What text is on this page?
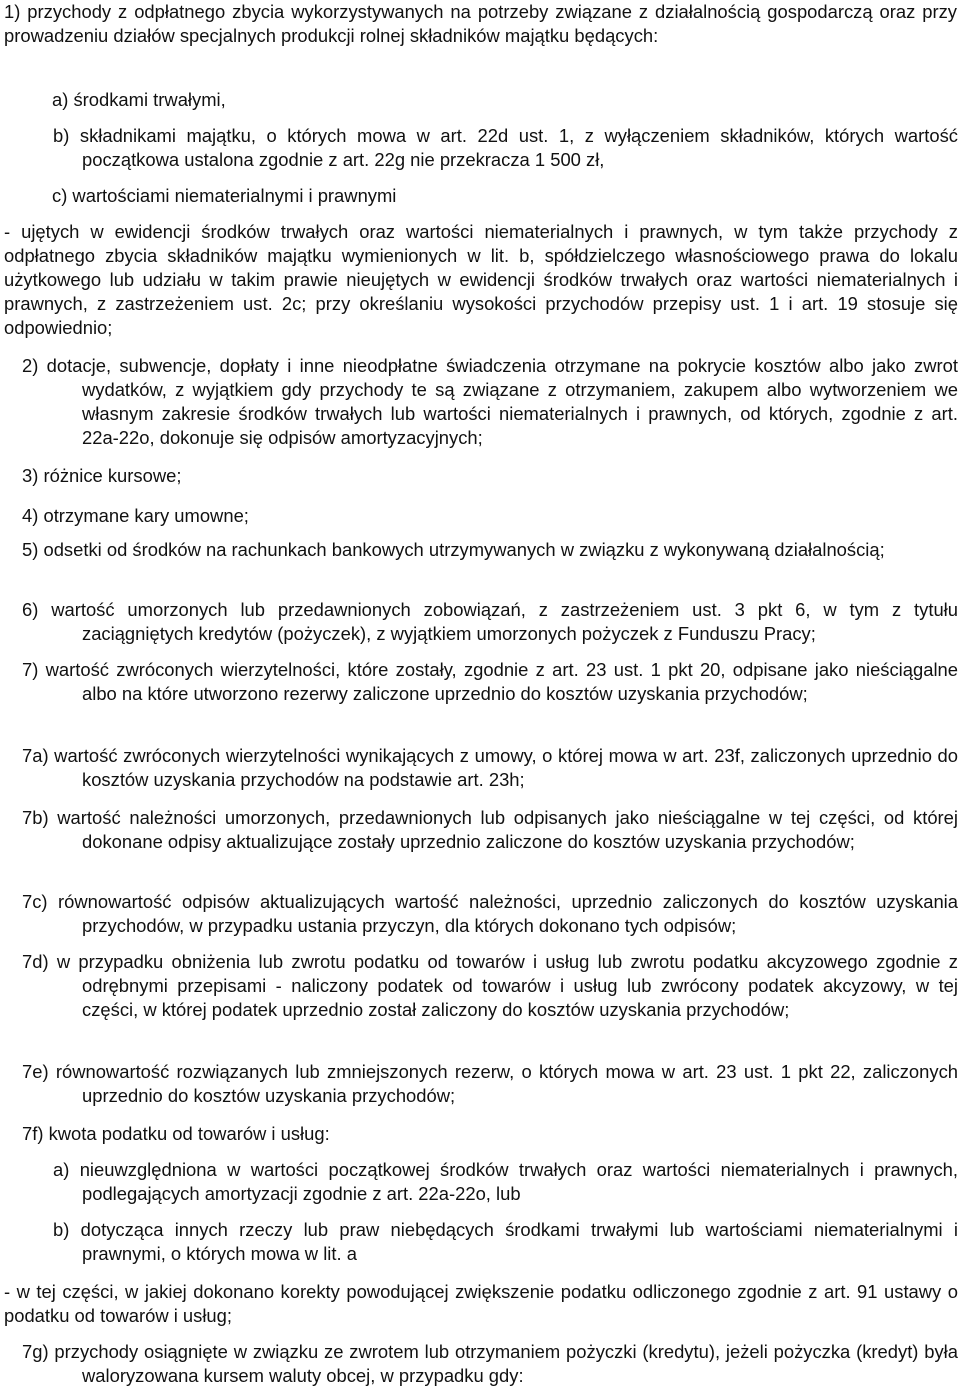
1) przychody z odpłatnego zbycia wykorzystywanych na potrzeby związane z działalnością gospodarczą oraz przy prowadzeniu działów specjalnych produkcji rolnej składników majątku będących:

a) środkami trwałymi,

b) składnikami majątku, o których mowa w art. 22d ust. 1, z wyłączeniem składników, których wartość początkowa ustalona zgodnie z art. 22g nie przekracza 1 500 zł,

c) wartościami niematerialnymi i prawnymi

- ujętych w ewidencji środków trwałych oraz wartości niematerialnych i prawnych, w tym także przychody z odpłatnego zbycia składników majątku wymienionych w lit. b, spółdzielczego własnościowego prawa do lokalu użytkowego lub udziału w takim prawie nieujętych w ewidencji środków trwałych oraz wartości niematerialnych i prawnych, z zastrzeżeniem ust. 2c; przy określaniu wysokości przychodów przepisy ust. 1 i art. 19 stosuje się odpowiednio;

2) dotacje, subwencje, dopłaty i inne nieodpłatne świadczenia otrzymane na pokrycie kosztów albo jako zwrot wydatków, z wyjątkiem gdy przychody te są związane z otrzymaniem, zakupem albo wytworzeniem we własnym zakresie środków trwałych lub wartości niematerialnych i prawnych, od których, zgodnie z art. 22a-22o, dokonuje się odpisów amortyzacyjnych;

3) różnice kursowe;

4) otrzymane kary umowne;

5) odsetki od środków na rachunkach bankowych utrzymywanych w związku z wykonywaną działalnością;

6) wartość umorzonych lub przedawnionych zobowiązań, z zastrzeżeniem ust. 3 pkt 6, w tym z tytułu zaciągniętych kredytów (pożyczek), z wyjątkiem umorzonych pożyczek z Funduszu Pracy;

7) wartość zwróconych wierzytelności, które zostały, zgodnie z art. 23 ust. 1 pkt 20, odpisane jako nieściągalne albo na które utworzono rezerwy zaliczone uprzednio do kosztów uzyskania przychodów;

7a) wartość zwróconych wierzytelności wynikających z umowy, o której mowa w art. 23f, zaliczonych uprzednio do kosztów uzyskania przychodów na podstawie art. 23h;

7b) wartość należności umorzonych, przedawnionych lub odpisanych jako nieściągalne w tej części, od której dokonane odpisy aktualizujące zostały uprzednio zaliczone do kosztów uzyskania przychodów;

7c) równowartość odpisów aktualizujących wartość należności, uprzednio zaliczonych do kosztów uzyskania przychodów, w przypadku ustania przyczyn, dla których dokonano tych odpisów;

7d) w przypadku obniżenia lub zwrotu podatku od towarów i usług lub zwrotu podatku akcyzowego zgodnie z odrębnymi przepisami - naliczony podatek od towarów i usług lub zwrócony podatek akcyzowy, w tej części, w której podatek uprzednio został zaliczony do kosztów uzyskania przychodów;

7e) równowartość rozwiązanych lub zmniejszonych rezerw, o których mowa w art. 23 ust. 1 pkt 22, zaliczonych uprzednio do kosztów uzyskania przychodów;

7f) kwota podatku od towarów i usług:

a) nieuwzględniona w wartości początkowej środków trwałych oraz wartości niematerialnych i prawnych, podlegających amortyzacji zgodnie z art. 22a-22o, lub

b) dotycząca innych rzeczy lub praw niebędących środkami trwałymi lub wartościami niematerialnymi i prawnymi, o których mowa w lit. a

- w tej części, w jakiej dokonano korekty powodującej zwiększenie podatku odliczonego zgodnie z art. 91 ustawy o podatku od towarów i usług;

7g) przychody osiągnięte w związku ze zwrotem lub otrzymaniem pożyczki (kredytu), jeżeli pożyczka (kredyt) była waloryzowana kursem waluty obcej, w przypadku gdy:
